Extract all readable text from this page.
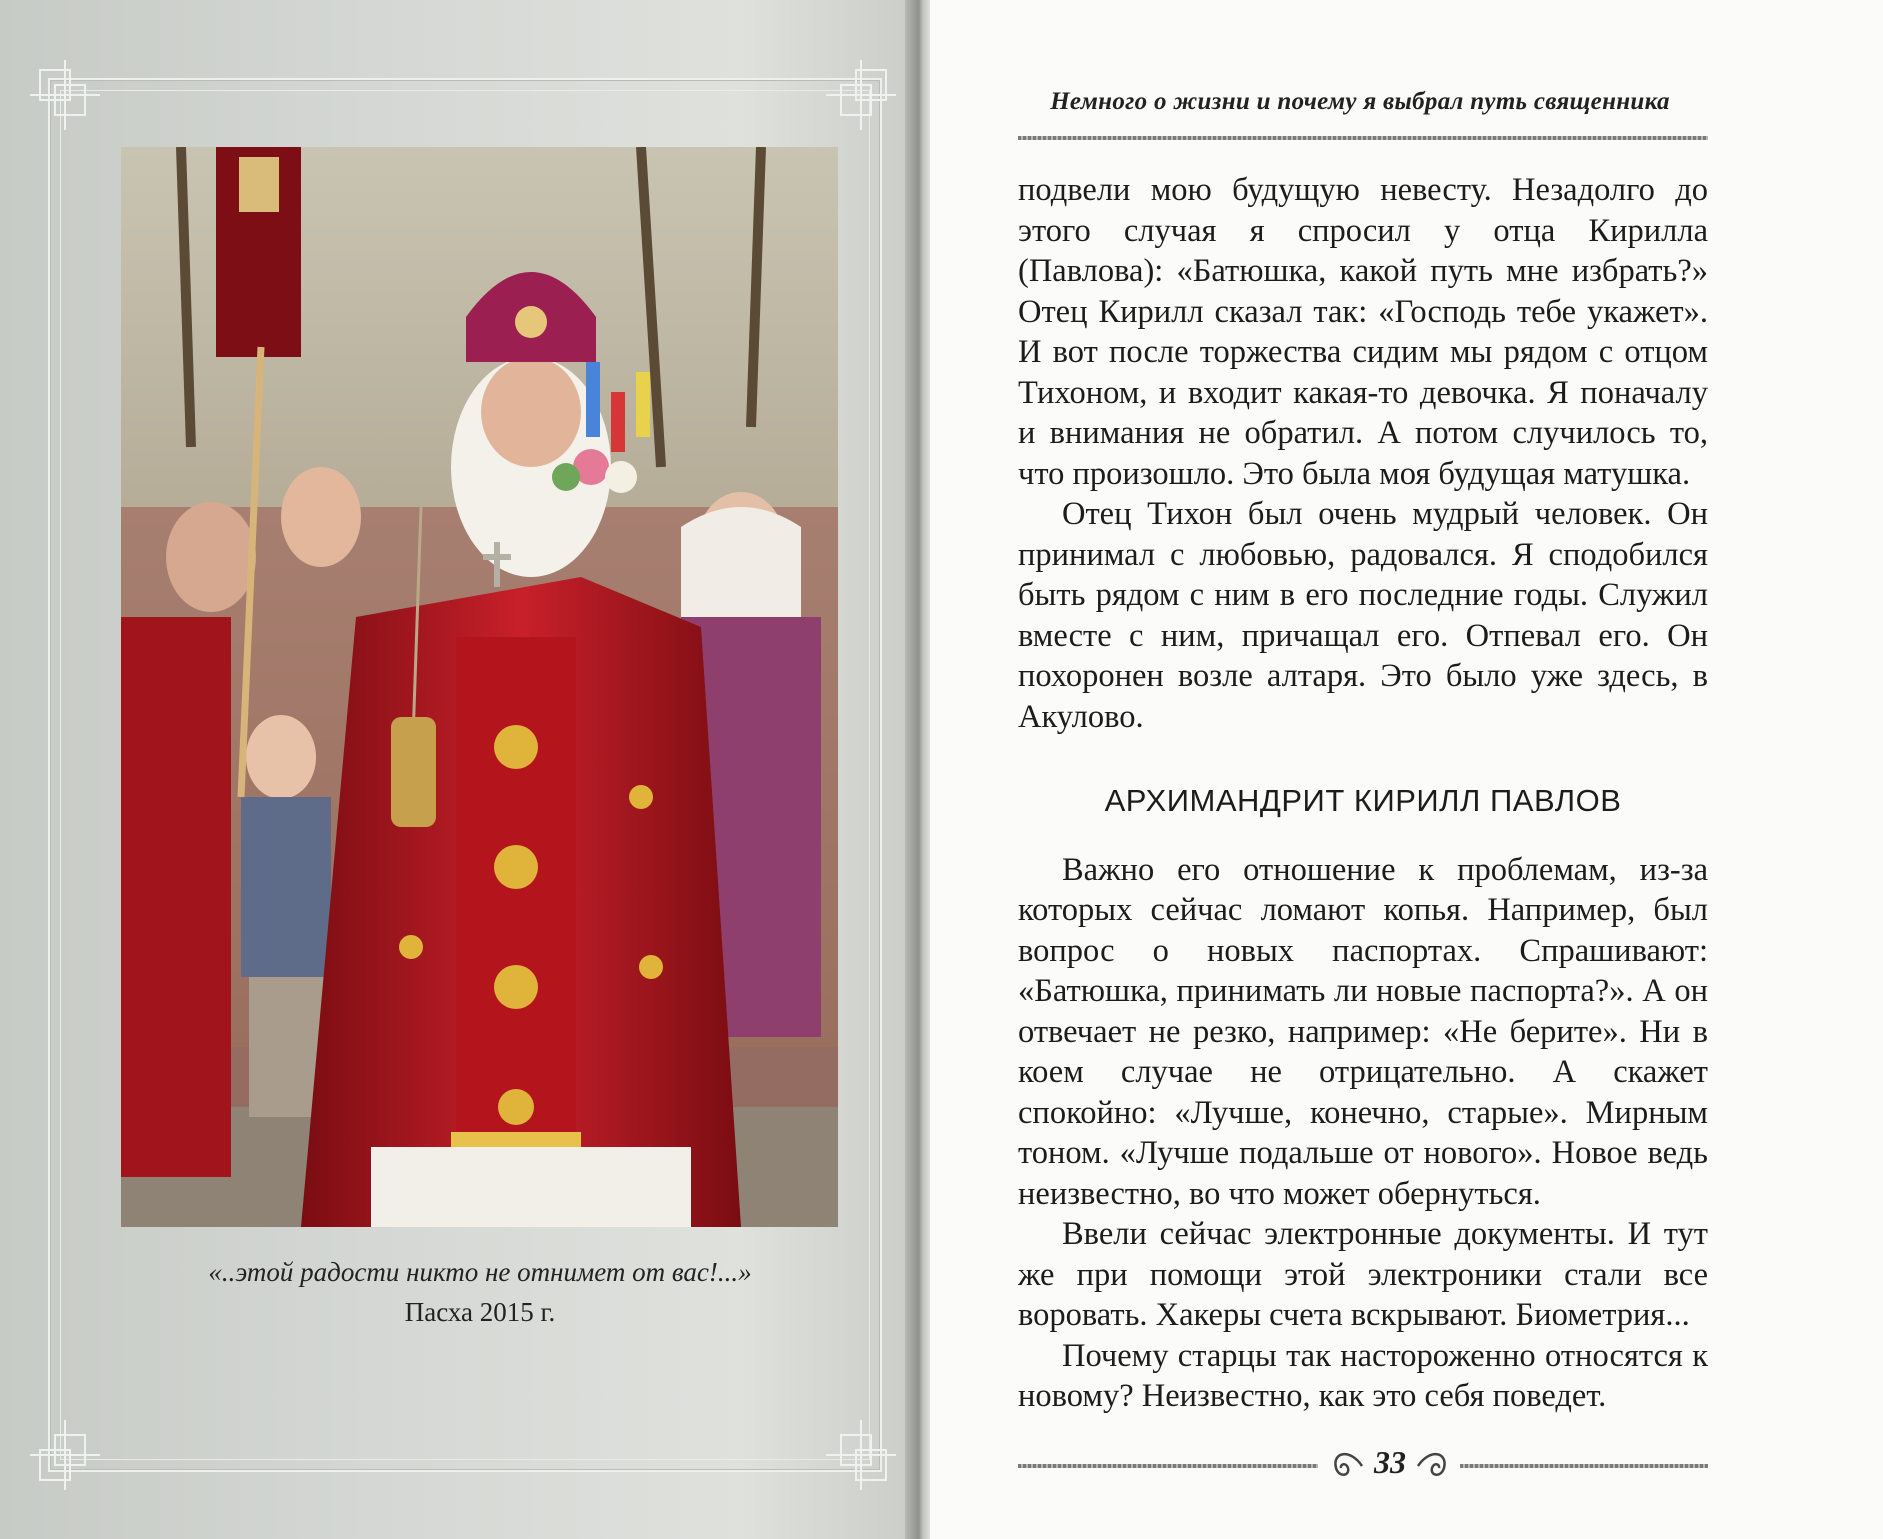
«..этой радости никто не отнимет от вас!...»
Пасха 2015 г.
Немного о жизни и почему я выбрал путь священника

подвели мою будущую невесту. Незадолго до этого случая я спросил у отца Кирилла (Павлова): «Батюшка, какой путь мне избрать?» Отец Кирилл сказал так: «Господь тебе укажет». И вот после торжества сидим мы рядом с отцом Тихоном, и входит какая-то девочка. Я поначалу и внимания не обратил. А потом случилось то, что произошло. Это была моя будущая матушка.

Отец Тихон был очень мудрый человек. Он принимал с любовью, радовался. Я сподобился быть рядом с ним в его последние годы. Служил вместе с ним, причащал его. Отпевал его. Он похоронен возле алтаря. Это было уже здесь, в Акулово.

АРХИМАНДРИТ КИРИЛЛ ПАВЛОВ

Важно его отношение к проблемам, из-за которых сейчас ломают копья. Например, был вопрос о новых паспортах. Спрашивают: «Батюшка, принимать ли новые паспорта?». А он отвечает не резко, например: «Не берите». Ни в коем случае не отрицательно. А скажет спокойно: «Лучше, конечно, старые». Мирным тоном. «Лучше подальше от нового». Новое ведь неизвестно, во что может обернуться.

Ввели сейчас электронные документы. И тут же при помощи этой электроники стали все воровать. Хакеры счета вскрывают. Биометрия...

Почему старцы так настороженно относятся к новому? Неизвестно, как это себя поведет.

33
